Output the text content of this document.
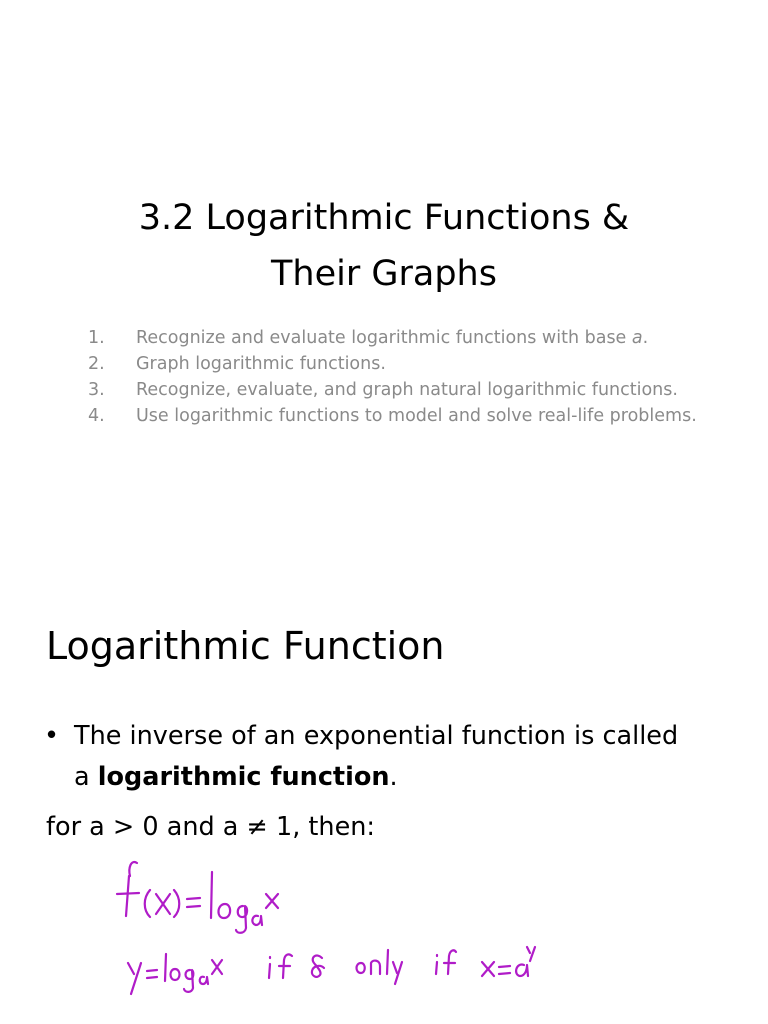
3.2 Logarithmic Functions &
Their Graphs
1. Recognize and evaluate logarithmic functions with base a.
2. Graph logarithmic functions.
3. Recognize, evaluate, and graph natural logarithmic functions.
4. Use logarithmic functions to model and solve real-life problems.
Logarithmic Function
• The inverse of an exponential function is called a logarithmic function.
for a > 0 and a ≠ 1, then:
